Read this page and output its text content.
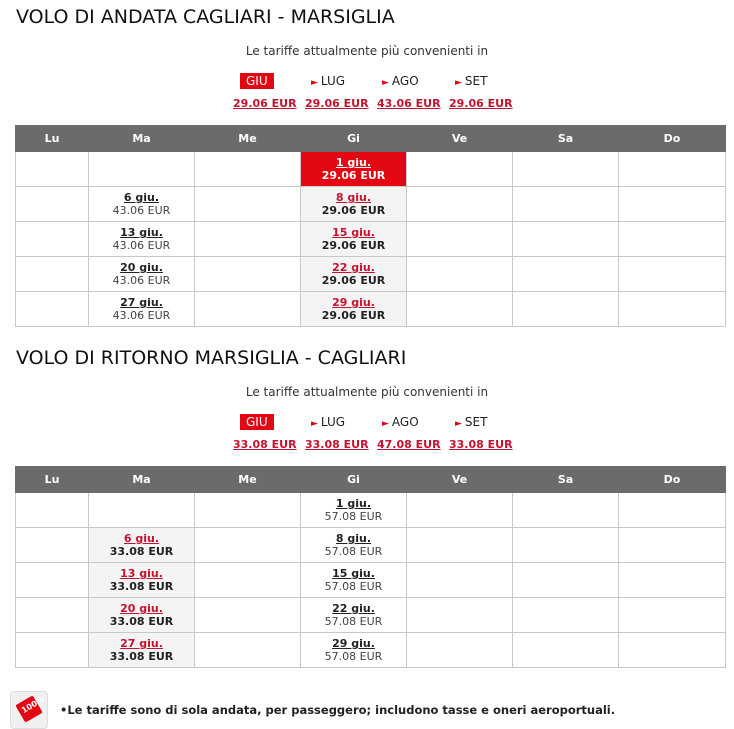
VOLO DI ANDATA CAGLIARI - MARSIGLIA
Le tariffe attualmente più convenienti in
GIU	► LUG	► AGO	► SET
29.06 EUR 29.06 EUR 43.06 EUR 29.06 EUR
Lu	Ma	Me	Gi	Ve	Sa	Do

			1 giu.
29.06 EUR			

	6 giu.
43.06 EUR		8 giu.
29.06 EUR			

	13 giu.
43.06 EUR		15 giu.
29.06 EUR			

	20 giu.
43.06 EUR		22 giu.
29.06 EUR			

	27 giu.
43.06 EUR		29 giu.
29.06 EUR			

VOLO DI RITORNO MARSIGLIA - CAGLIARI
Le tariffe attualmente più convenienti in
GIU	► LUG	► AGO	► SET
33.08 EUR 33.08 EUR 47.08 EUR 33.08 EUR
Lu	Ma	Me	Gi	Ve	Sa	Do

			1 giu.
57.08 EUR			

	6 giu.
33.08 EUR		8 giu.
57.08 EUR			

	13 giu.
33.08 EUR		15 giu.
57.08 EUR			

	20 giu.
33.08 EUR		22 giu.
57.08 EUR			

	27 giu.
33.08 EUR		29 giu.
57.08 EUR			

100% •Le tariffe sono di sola andata, per passeggero; includono tasse e oneri aeroportuali.
